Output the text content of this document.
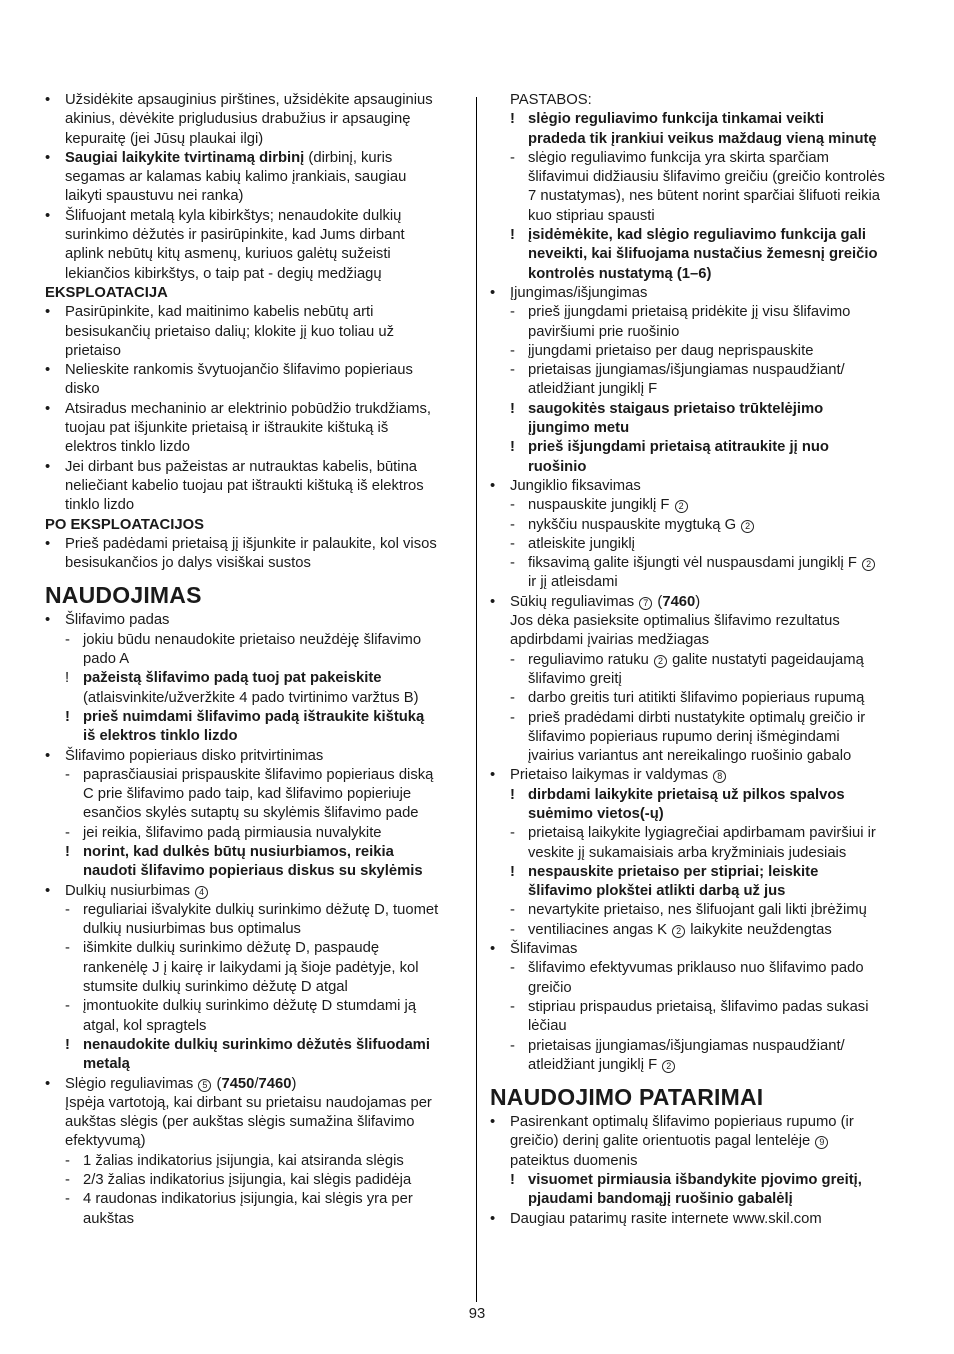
• Užsidėkite apsauginius pirštines, užsidėkite apsauginius
akinius, dėvėkite prigludusius drabužius ir apsauginę
kepuraitę (jei Jūsų plaukai ilgi)
• Saugiai laikykite tvirtinamą dirbinį (dirbinį, kuris
segamas ar kalamas kabių kalimo įrankiais, saugiau
laikyti spaustuvu nei ranka)
• Šlifuojant metalą kyla kibirkštys; nenaudokite dulkių
surinkimo dėžutės ir pasirūpinkite, kad Jums dirbant
aplink nebūtų kitų asmenų, kuriuos galėtų sužeisti
lekiančios kibirkštys, o taip pat - degių medžiagų
EKSPLOATACIJA
• Pasirūpinkite, kad maitinimo kabelis nebūtų arti
besisukančių prietaiso dalių; klokite jį kuo toliau už
prietaiso
• Nelieskite rankomis švytuojančio šlifavimo popieriaus
disko
• Atsiradus mechaninio ar elektrinio pobūdžio trukdžiams,
tuojau pat išjunkite prietaisą ir ištraukite kištuką iš
elektros tinklo lizdo
• Jei dirbant bus pažeistas ar nutrauktas kabelis, būtina
neliečiant kabelio tuojau pat ištraukti kištuką iš elektros
tinklo lizdo
PO EKSPLOATACIJOS
• Prieš padėdami prietaisą jį išjunkite ir palaukite, kol visos
besisukančios jo dalys visiškai sustos
NAUDOJIMAS
• Šlifavimo padas
- jokiu būdu nenaudokite prietaiso neuždėję šlifavimo
pado A
! pažeistą šlifavimo padą tuoj pat pakeiskite
(atlaisvinkite/užveržkite 4 pado tvirtinimo varžtus B)
! prieš nuimdami šlifavimo padą ištraukite kištuką
iš elektros tinklo lizdo
• Šlifavimo popieriaus disko pritvirtinimas
- paprasčiausiai prispauskite šlifavimo popieriaus diską
C prie šlifavimo pado taip, kad šlifavimo popieriuje
esančios skylės sutaptų su skylėmis šlifavimo pade
- jei reikia, šlifavimo padą pirmiausia nuvalykite
! norint, kad dulkės būtų nusiurbiamos, reikia
naudoti šlifavimo popieriaus diskus su skylėmis
• Dulkių nusiurbimas 4
- reguliariai išvalykite dulkių surinkimo dėžutę D, tuomet
dulkių nusiurbimas bus optimalus
- išimkite dulkių surinkimo dėžutę D, paspaudę
rankenėlę J į kairę ir laikydami ją šioje padėtyje, kol
stumsite dulkių surinkimo dėžutę D atgal
- įmontuokite dulkių surinkimo dėžutę D stumdami ją
atgal, kol spragtels
! nenaudokite dulkių surinkimo dėžutės šlifuodami
metalą
• Slėgio reguliavimas 5 (7450/7460)
Įspėja vartotoją, kai dirbant su prietaisu naudojamas per
aukštas slėgis (per aukštas slėgis sumažina šlifavimo
efektyvumą)
- 1 žalias indikatorius įsijungia, kai atsiranda slėgis
- 2/3 žalias indikatorius įsijungia, kai slėgis padidėja
- 4 raudonas indikatorius įsijungia, kai slėgis yra per
aukštas
PASTABOS:
! slėgio reguliavimo funkcija tinkamai veikti
pradeda tik įrankiui veikus maždaug vieną minutę
- slėgio reguliavimo funkcija yra skirta sparčiam
šlifavimui didžiausiu šlifavimo greičiu (greičio kontrolės
7 nustatymas), nes būtent norint sparčiai šlifuoti reikia
kuo stipriau spausti
! įsidėmėkite, kad slėgio reguliavimo funkcija gali
neveikti, kai šlifuojama nustačius žemesnį greičio
kontrolės nustatymą (1–6)
• Įjungimas/išjungimas
- prieš įjungdami prietaisą pridėkite jį visu šlifavimo
paviršiumi prie ruošinio
- įjungdami prietaiso per daug neprispauskite
- prietaisas įjungiamas/išjungiamas nuspaudžiant/
atleidžiant jungiklį F
! saugokitės staigaus prietaiso trūktelėjimo
įjungimo metu
! prieš išjungdami prietaisą atitraukite jį nuo
ruošinio
• Jungiklio fiksavimas
- nuspauskite jungiklį F 2
- nykščiu nuspauskite mygtuką G 2
- atleiskite jungiklį
- fiksavimą galite išjungti vėl nuspausdami jungiklį F 2
ir jį atleisdami
• Sūkių reguliavimas 7 (7460)
Jos dėka pasieksite optimalius šlifavimo rezultatus
apdirbdami įvairias medžiagas
- reguliavimo ratuku 2 galite nustatyti pageidaujamą
šlifavimo greitį
- darbo greitis turi atitikti šlifavimo popieriaus rupumą
- prieš pradėdami dirbti nustatykite optimalų greičio ir
šlifavimo popieriaus rupumo derinį išmėgindami
įvairius variantus ant nereikalingo ruošinio gabalo
• Prietaiso laikymas ir valdymas 8
! dirbdami laikykite prietaisą už pilkos spalvos
suėmimo vietos(-ų)
- prietaisą laikykite lygiagrečiai apdirbamam paviršiui ir
veskite jį sukamaisiais arba kryžminiais judesiais
! nespauskite prietaiso per stipriai; leiskite
šlifavimo plokštei atlikti darbą už jus
- nevartykite prietaiso, nes šlifuojant gali likti įbrėžimų
- ventiliacines angas K 2 laikykite neuždengtas
• Šlifavimas
- šlifavimo efektyvumas priklauso nuo šlifavimo pado
greičio
- stipriau prispaudus prietaisą, šlifavimo padas sukasi
lėčiau
- prietaisas įjungiamas/išjungiamas nuspaudžiant/
atleidžiant jungiklį F 2
NAUDOJIMO PATARIMAI
• Pasirenkant optimalų šlifavimo popieriaus rupumo (ir
greičio) derinį galite orientuotis pagal lentelėje 9
pateiktus duomenis
! visuomet pirmiausia išbandykite pjovimo greitį,
pjaudami bandomąjį ruošinio gabalėlį
• Daugiau patarimų rasite internete www.skil.com
93
